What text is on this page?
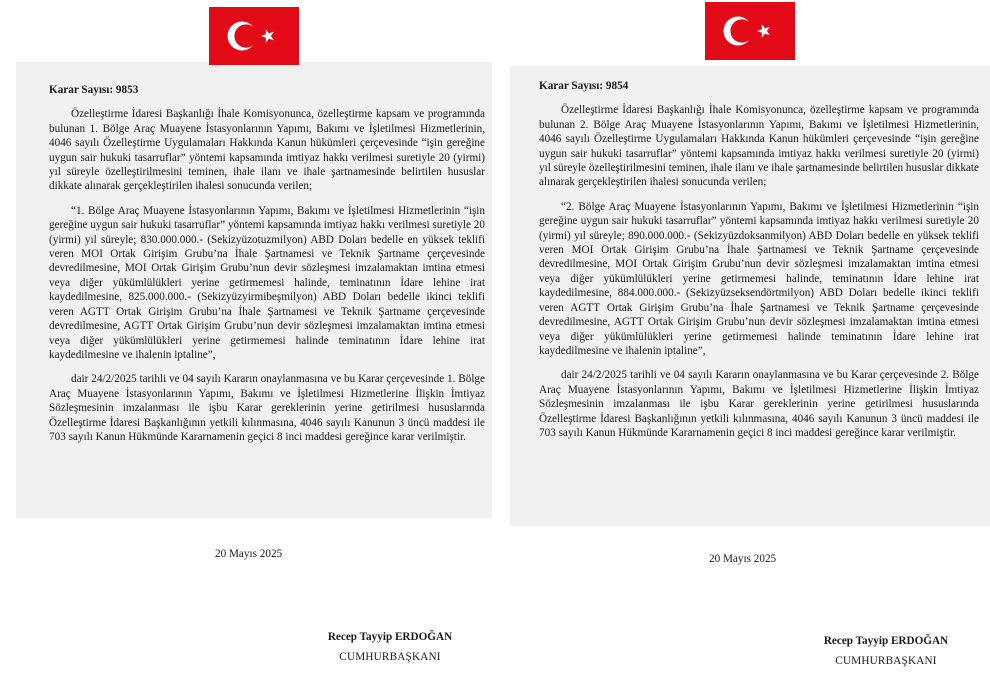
Karar Sayısı: 9853

Özelleştirme İdaresi Başkanlığı İhale Komisyonunca, özelleştirme kapsam ve programında bulunan 1. Bölge Araç Muayene İstasyonlarının Yapımı, Bakımı ve İşletilmesi Hizmetlerinin, 4046 sayılı Özelleştirme Uygulamaları Hakkında Kanun hükümleri çerçevesinde “işin gereğine uygun sair hukuki tasarruflar” yöntemi kapsamında imtiyaz hakkı verilmesi suretiyle 20 (yirmi) yıl süreyle özelleştirilmesini teminen, ihale ilanı ve ihale şartnamesinde belirtilen hususlar dikkate alınarak gerçekleştirilen ihalesi sonucunda verilen;

“1. Bölge Araç Muayene İstasyonlarının Yapımı, Bakımı ve İşletilmesi Hizmetlerinin “işin gereğine uygun sair hukuki tasarruflar” yöntemi kapsamında imtiyaz hakkı verilmesi suretiyle 20 (yirmi) yıl süreyle; 830.000.000.- (Sekizyüzotuzmilyon) ABD Doları bedelle en yüksek teklifi veren MOI Ortak Girişim Grubu’na İhale Şartnamesi ve Teknik Şartname çerçevesinde devredilmesine, MOI Ortak Girişim Grubu’nun devir sözleşmesi imzalamaktan imtina etmesi veya diğer yükümlülükleri yerine getirmemesi halinde, teminatının İdare lehine irat kaydedilmesine, 825.000.000.- (Sekizyüzyirmibeşmilyon) ABD Doları bedelle ikinci teklifi veren AGTT Ortak Girişim Grubu’na İhale Şartnamesi ve Teknik Şartname çerçevesinde devredilmesine, AGTT Ortak Girişim Grubu’nun devir sözleşmesi imzalamaktan imtina etmesi veya diğer yükümlülükleri yerine getirmemesi halinde teminatının İdare lehine irat kaydedilmesine ve ihalenin iptaline”,

dair 24/2/2025 tarihli ve 04 sayılı Kararın onaylanmasına ve bu Karar çerçevesinde 1. Bölge Araç Muayene İstasyonlarının Yapımı, Bakımı ve İşletilmesi Hizmetlerine İlişkin İmtiyaz Sözleşmesinin imzalanması ile işbu Karar gereklerinin yerine getirilmesi hususlarında Özelleştirme İdaresi Başkanlığının yetkili kılınmasına, 4046 sayılı Kanunun 3 üncü maddesi ile 703 sayılı Kanun Hükmünde Kararnamenin geçici 8 inci maddesi gereğince karar verilmiştir.

20 Mayıs 2025
Recep Tayyip ERDOĞAN
CUMHURBAŞKANI

Karar Sayısı: 9854

Özelleştirme İdaresi Başkanlığı İhale Komisyonunca, özelleştirme kapsam ve programında bulunan 2. Bölge Araç Muayene İstasyonlarının Yapımı, Bakımı ve İşletilmesi Hizmetlerinin, 4046 sayılı Özelleştirme Uygulamaları Hakkında Kanun hükümleri çerçevesinde “işin gereğine uygun sair hukuki tasarruflar” yöntemi kapsamında imtiyaz hakkı verilmesi suretiyle 20 (yirmi) yıl süreyle özelleştirilmesini teminen, ihale ilanı ve ihale şartnamesinde belirtilen hususlar dikkate alınarak gerçekleştirilen ihalesi sonucunda verilen;

“2. Bölge Araç Muayene İstasyonlarının Yapımı, Bakımı ve İşletilmesi Hizmetlerinin “işin gereğine uygun sair hukuki tasarruflar” yöntemi kapsamında imtiyaz hakkı verilmesi suretiyle 20 (yirmi) yıl süreyle; 890.000.000.- (Sekizyüzdoksanmilyon) ABD Doları bedelle en yüksek teklifi veren MOI Ortak Girişim Grubu’na İhale Şartnamesi ve Teknik Şartname çerçevesinde devredilmesine, MOI Ortak Girişim Grubu’nun devir sözleşmesi imzalamaktan imtina etmesi veya diğer yükümlülükleri yerine getirmemesi halinde, teminatının İdare lehine irat kaydedilmesine, 884.000.000.- (Sekizyüzseksendörtmilyon) ABD Doları bedelle ikinci teklifi veren AGTT Ortak Girişim Grubu’na İhale Şartnamesi ve Teknik Şartname çerçevesinde devredilmesine, AGTT Ortak Girişim Grubu’nun devir sözleşmesi imzalamaktan imtina etmesi veya diğer yükümlülükleri yerine getirmemesi halinde teminatının İdare lehine irat kaydedilmesine ve ihalenin iptaline”,

dair 24/2/2025 tarihli ve 04 sayılı Kararın onaylanmasına ve bu Karar çerçevesinde 2. Bölge Araç Muayene İstasyonlarının Yapımı, Bakımı ve İşletilmesi Hizmetlerine İlişkin İmtiyaz Sözleşmesinin imzalanması ile işbu Karar gereklerinin yerine getirilmesi hususlarında Özelleştirme İdaresi Başkanlığının yetkili kılınmasına, 4046 sayılı Kanunun 3 üncü maddesi ile 703 sayılı Kanun Hükmünde Kararnamenin geçici 8 inci maddesi gereğince karar verilmiştir.

20 Mayıs 2025
Recep Tayyip ERDOĞAN
CUMHURBAŞKANI
